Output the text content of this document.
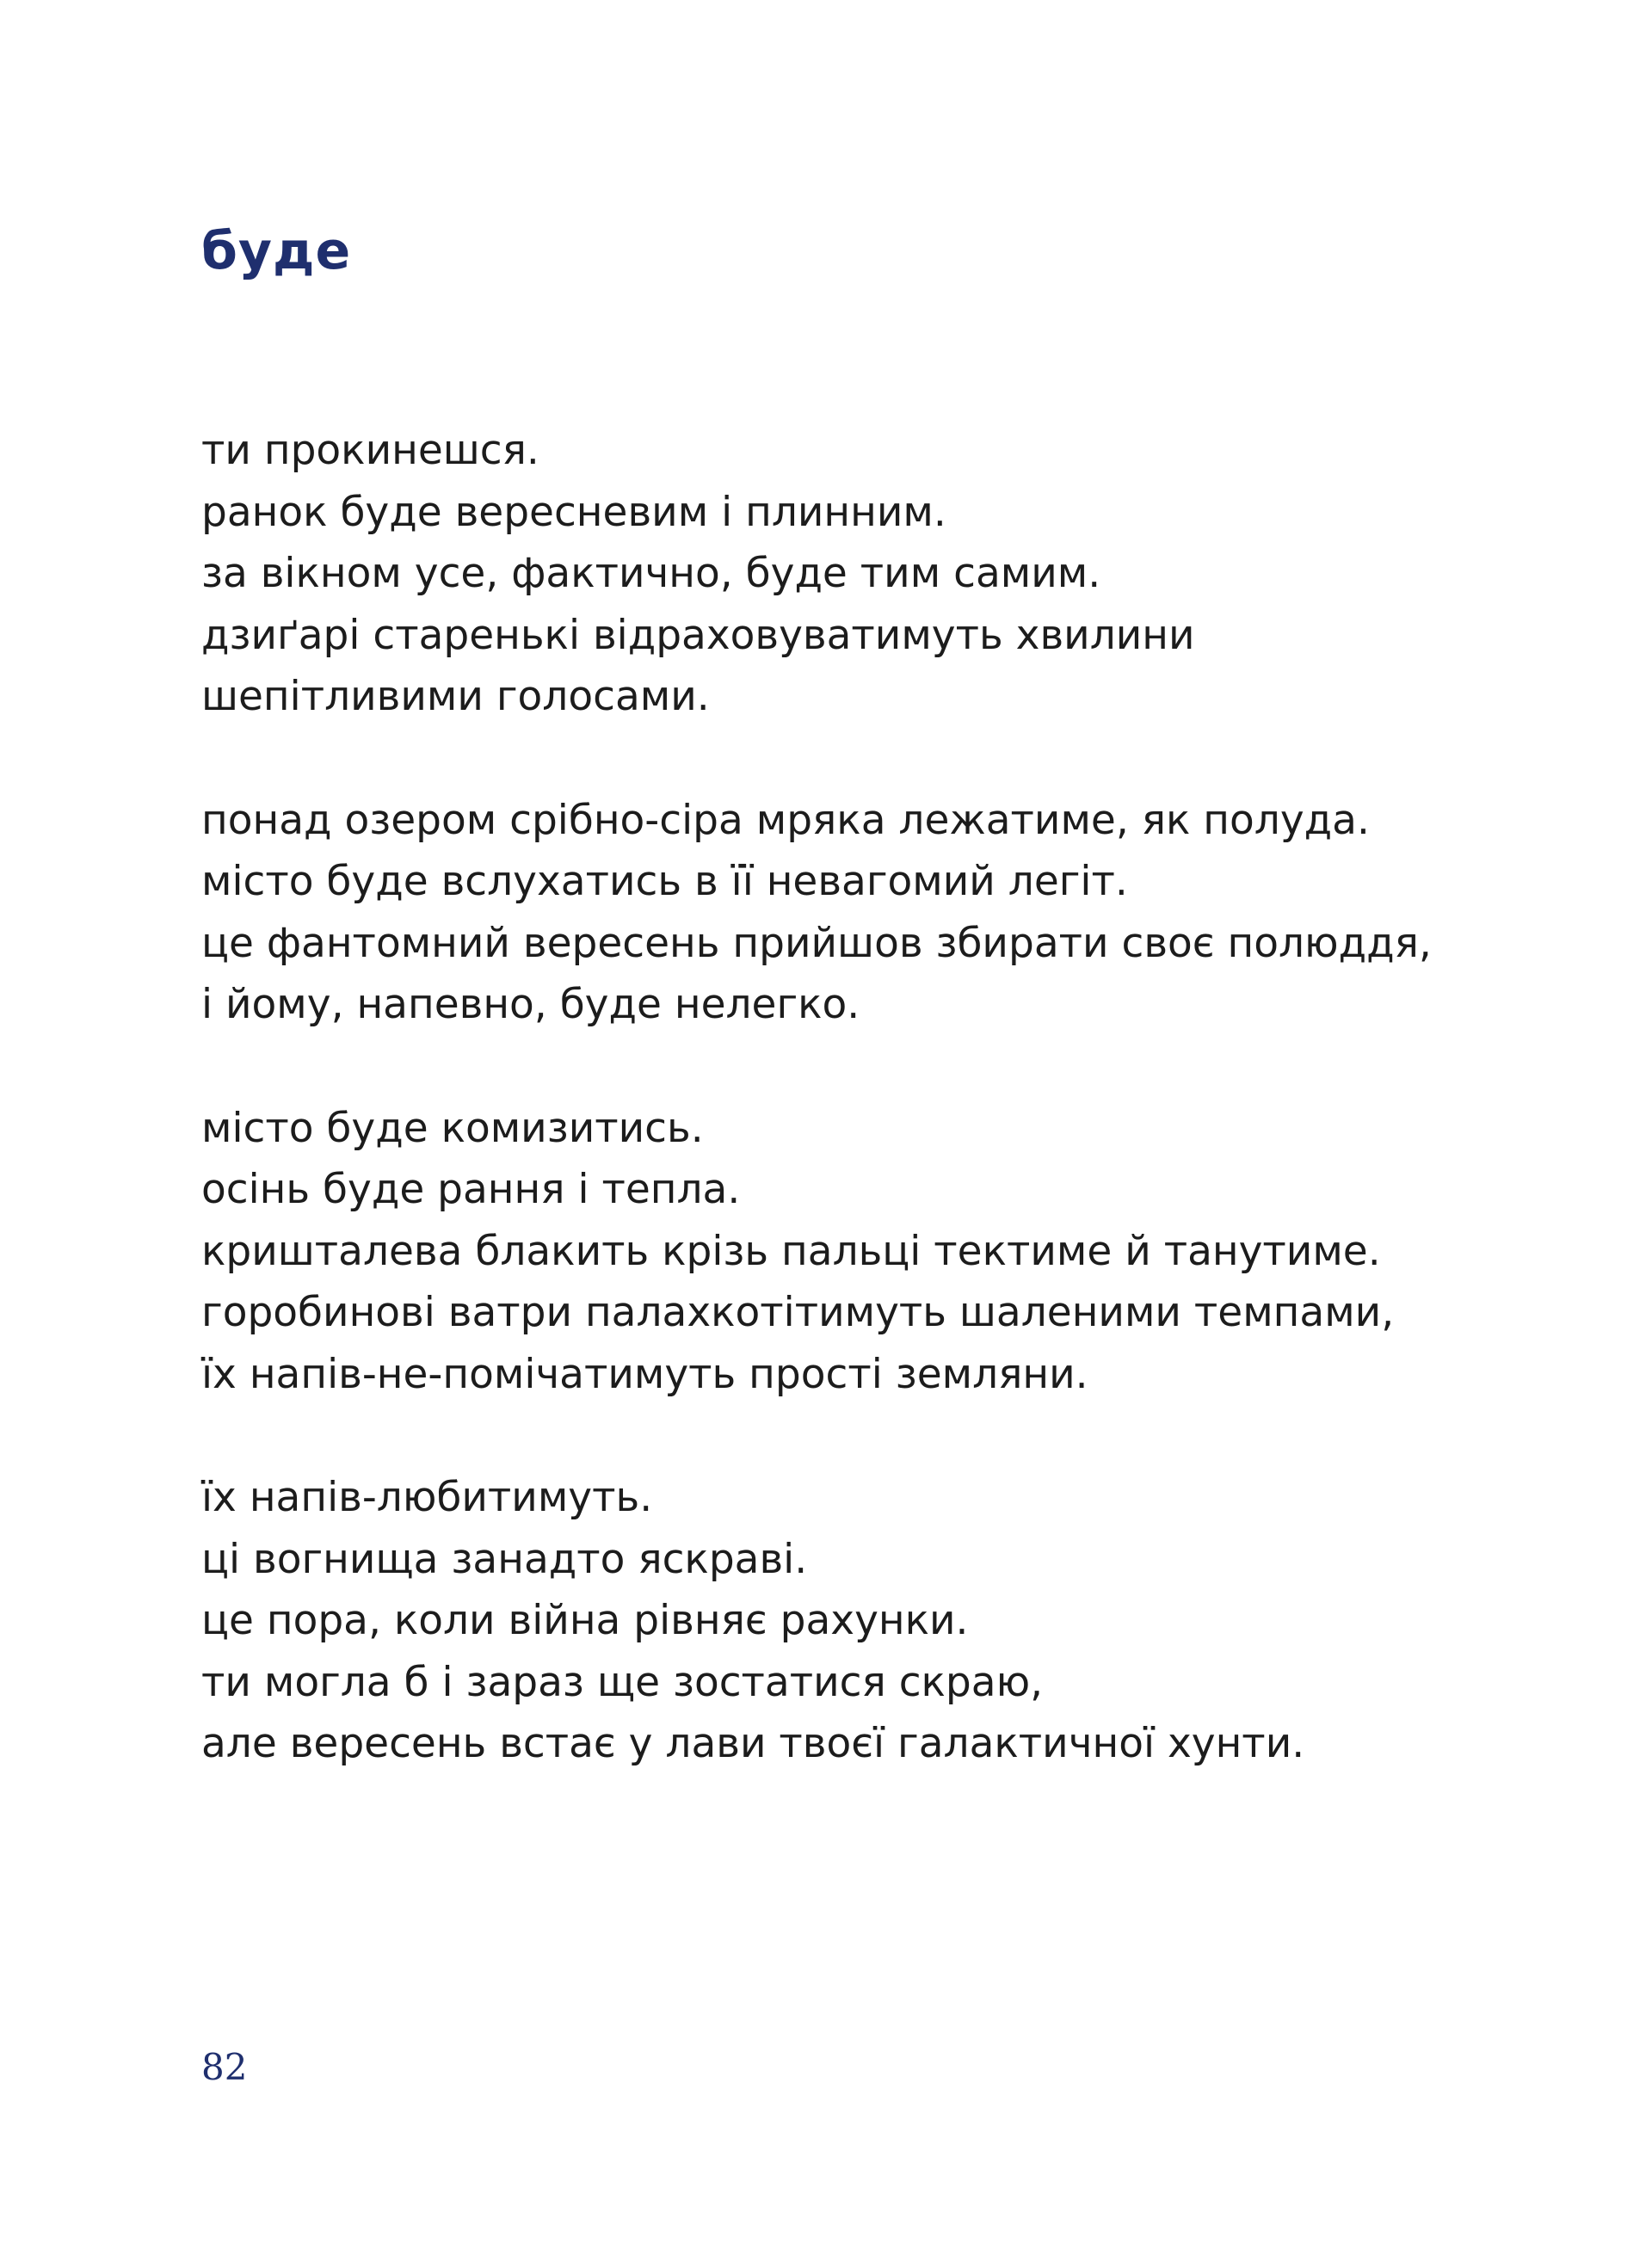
буде
ти прокинешся.
ранок буде вересневим і плинним.
за вікном усе, фактично, буде тим самим.
дзиґарі старенькі відраховуватимуть хвилини
шепітливими голосами.
понад озером срібно-сіра мряка лежатиме, як полуда.
місто буде вслухатись в її невагомий легіт.
це фантомний вересень прийшов збирати своє полюддя,
і йому, напевно, буде нелегко.
місто буде комизитись.
осінь буде рання і тепла.
кришталева блакить крізь пальці тектиме й танутиме.
горобинові ватри палахкотітимуть шаленими темпами,
їх напів-не-помічатимуть прості земляни.
їх напів-любитимуть.
ці вогнища занадто яскраві.
це пора, коли війна рівняє рахунки.
ти могла б і зараз ще зостатися скраю,
але вересень встає у лави твоєї галактичної хунти.
82
